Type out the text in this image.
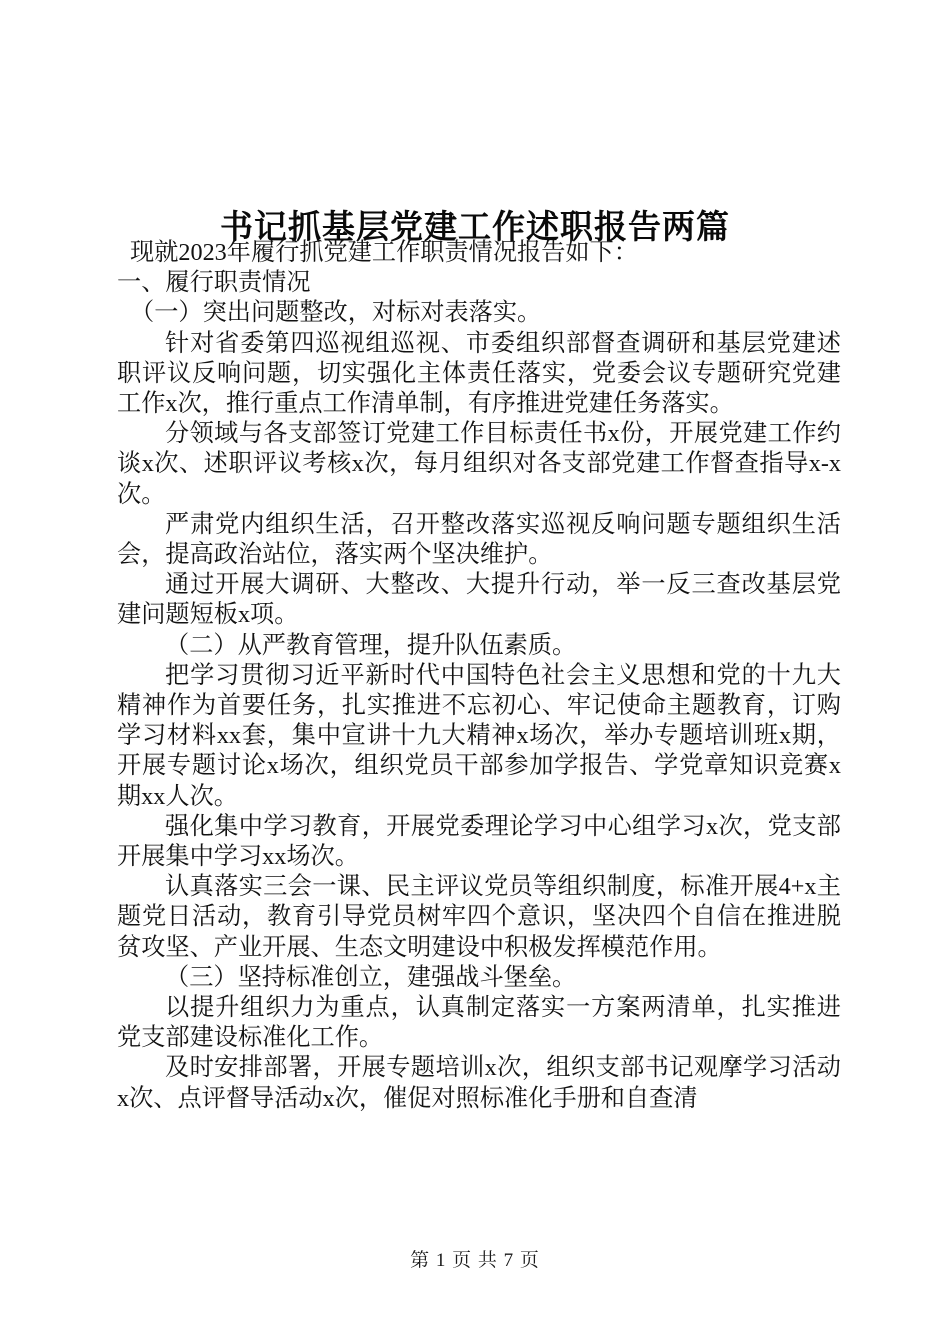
书记抓基层党建工作述职报告两篇

现就2023年履行抓党建工作职责情况报告如下：

一、履行职责情况

（一）突出问题整改，对标对表落实。

针对省委第四巡视组巡视、市委组织部督查调研和基层党建述职评议反响问题，切实强化主体责任落实，党委会议专题研究党建工作x次，推行重点工作清单制，有序推进党建任务落实。

分领域与各支部签订党建工作目标责任书x份，开展党建工作约谈x次、述职评议考核x次，每月组织对各支部党建工作督查指导x-x次。

严肃党内组织生活，召开整改落实巡视反响问题专题组织生活会，提高政治站位，落实两个坚决维护。

通过开展大调研、大整改、大提升行动，举一反三查改基层党建问题短板x项。

（二）从严教育管理，提升队伍素质。

把学习贯彻习近平新时代中国特色社会主义思想和党的十九大精神作为首要任务，扎实推进不忘初心、牢记使命主题教育，订购学习材料xx套，集中宣讲十九大精神x场次，举办专题培训班x期，开展专题讨论x场次，组织党员干部参加学报告、学党章知识竞赛x期xx人次。

强化集中学习教育，开展党委理论学习中心组学习x次，党支部开展集中学习xx场次。

认真落实三会一课、民主评议党员等组织制度，标准开展4+x主题党日活动，教育引导党员树牢四个意识，坚决四个自信在推进脱贫攻坚、产业开展、生态文明建设中积极发挥模范作用。

（三）坚持标准创立，建强战斗堡垒。

以提升组织力为重点，认真制定落实一方案两清单，扎实推进党支部建设标准化工作。

及时安排部署，开展专题培训x次，组织支部书记观摩学习活动x次、点评督导活动x次，催促对照标准化手册和自查清

第 1 页 共 7 页
